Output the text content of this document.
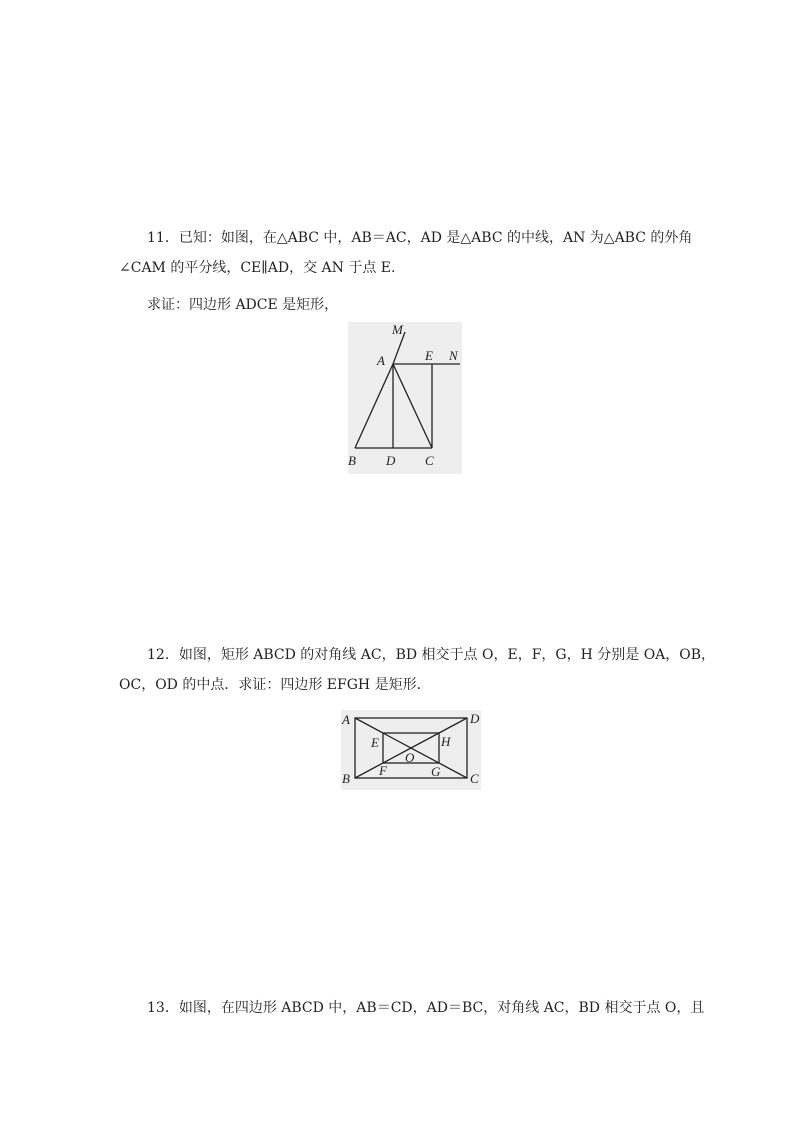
11．已知：如图，在△ABC 中，AB＝AC，AD 是△ABC 的中线，AN 为△ABC 的外角
∠CAM 的平分线，CE∥AD，交 AN 于点 E.
求证：四边形 ADCE 是矩形，
M
A	E N
B D C
12．如图，矩形 ABCD 的对角线 AC，BD 相交于点 O，E，F，G，H 分别是 OA，OB，
OC，OD 的中点．求证：四边形 EFGH 是矩形．
A	D
E	H
O
B
F	G C
13．如图，在四边形 ABCD 中，AB＝CD，AD＝BC，对角线 AC，BD 相交于点 O，且
